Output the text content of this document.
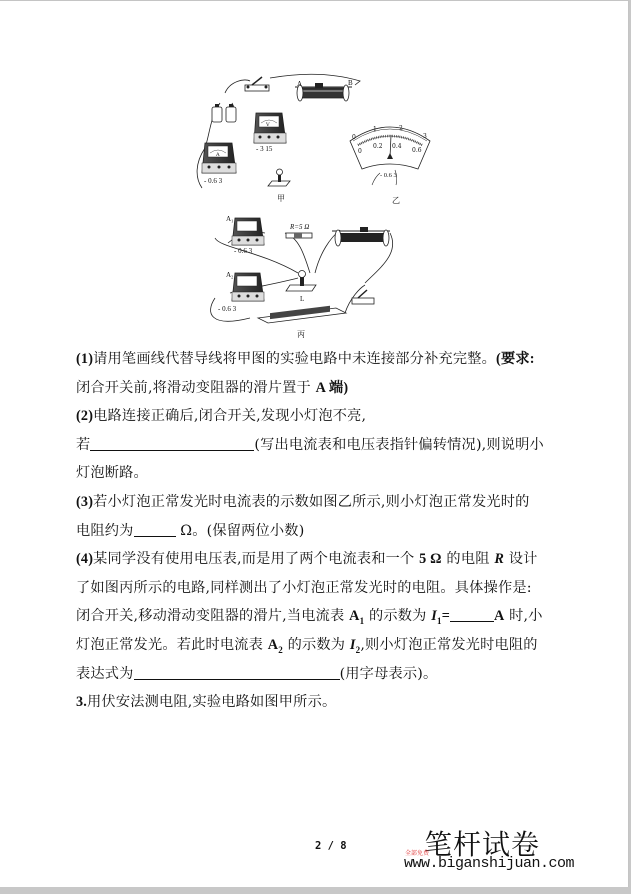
A	B
V
- 3 15
A
- 0.6 3
甲
0
1	2
3
0
0.2 0.4
0.6
- 0.6 3
乙
A₁
- 0.6 3
R=5 Ω
L
A₂
- 0.6 3
丙
(1)请用笔画线代替导线将甲图的实验电路中未连接部分补充完整。(要求:
闭合开关前,将滑动变阻器的滑片置于 A 端)
(2)电路连接正确后,闭合开关,发现小灯泡不亮,
若	(写出电流表和电压表指针偏转情况),则说明小
灯泡断路。
(3)若小灯泡正常发光时电流表的示数如图乙所示,则小灯泡正常发光时的
电阻约为	Ω。(保留两位小数)
(4)某同学没有使用电压表,而是用了两个电流表和一个 5 Ω 的电阻 R 设计
了如图丙所示的电路,同样测出了小灯泡正常发光时的电阻。具体操作是:
闭合开关,移动滑动变阻器的滑片,当电流表 $A_1$ 的示数为 $I_1=$	A 时,小
灯泡正常发光。若此时电流表 $A_2$ 的示数为 $I_2$,则小灯泡正常发光时电阻的
表达式为	(用字母表示)。
3.用伏安法测电阻,实验电路如图甲所示。
2 / 8	笔杆试卷
全部免费
www.biganshijuan.com
